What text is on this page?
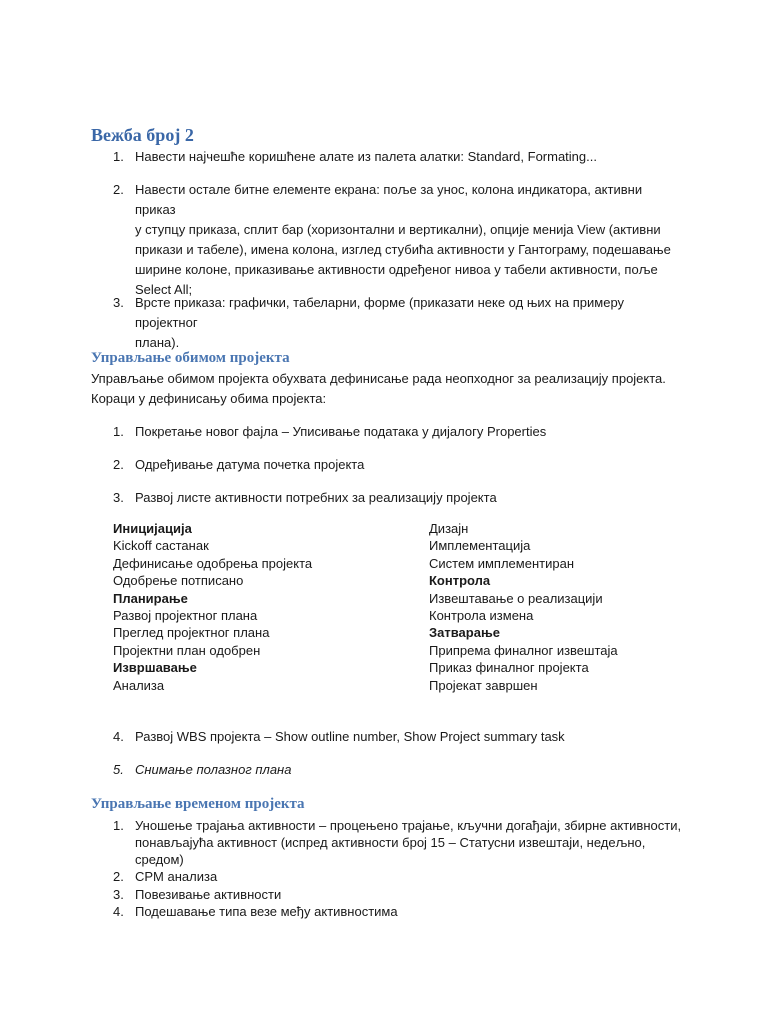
Вежба број 2
1. Навести најчешће коришћене алате из палета алатки: Standard, Formating...
2. Навести остале битне елементе екрана: поље за унос, колона индикатора, активни приказ
у ступцу приказа, сплит бар (хоризонтални и вертикални), опције менија View (активни
прикази и табеле), имена колона, изглед стубића активности у Гантограму, подешавање
ширине колоне, приказивање активности одређеног нивоа у табели активности, поље
Select All;
3. Врсте приказа: графички, табеларни, форме (приказати неке од њих на примеру пројектног
плана).
Управљање обимом пројекта
Управљање обимом пројекта обухвата дефинисање рада неопходног за реализацију пројекта.
Кораци у дефинисању обима пројекта:
1. Покретање новог фајла – Уписивање података у дијалогу Properties
2. Одређивање датума почетка пројекта
3. Развој листе активности потребних за реализацију пројекта
Иницијација
Kickoff састанак
Дефинисање одобрења пројекта
Одобрење потписано
Планирање
Развој пројектног плана
Преглед пројектног плана
Пројектни план одобрен
Извршавање
Анализа
Дизајн
Имплементација
Систем имплементиран
Контрола
Извештавање о реализацији
Контрола измена
Затварање
Припрема финалног извештаја
Приказ финалног пројекта
Пројекат завршен
4. Развој WBS пројекта – Show outline number, Show Project summary task
5. Снимање полазног плана
Управљање временом пројекта
1. Уношење трајања активности – процењено трајање, кључни догађаји, збирне активности,
понављајућа активност (испред активности број 15 – Статусни извештаји, недељно,
средом)
2. CPM анализа
3. Повезивање активности
4. Подешавање типа везе међу активностима
